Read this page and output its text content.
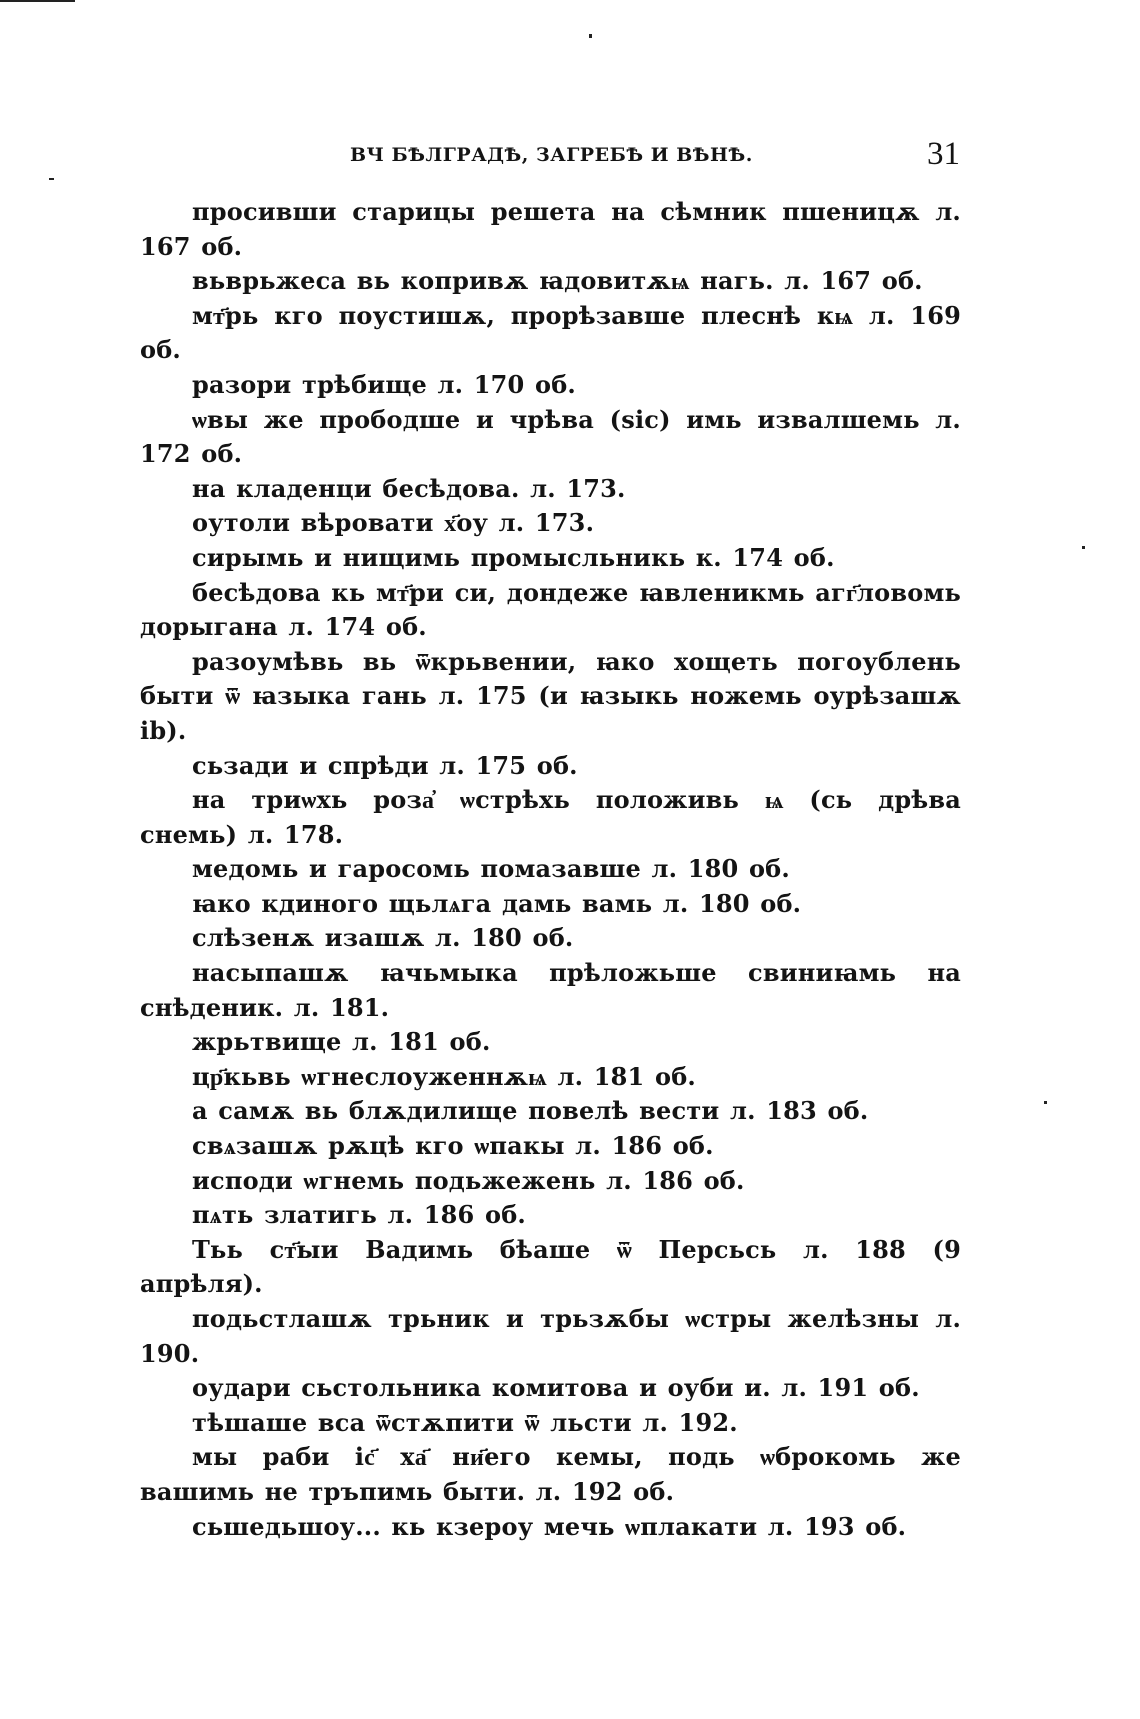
ВЧ БѢЛГРАДѢ, ЗАГРЕБѢ И ВѢНѢ.	31

просивши старицы решета на сѣмник пшеницѫ л. 167 об.

вьврьжеса вь копривѫ ꙗдовитѫѩ нагь. л. 167 об.

мт҃рь кго поустишѫ, прорѣзавше плеснѣ кѩ л. 169 об.

разори трѣбище л. 170 об.

ѡвы же прободше и чрѣва (sic) имь извалшемь л. 172 об.

на кладенци бесѣдова. л. 173.

оутоли вѣровати х҃оу л. 173.

сирымь и нищимь промысльникь к. 174 об.

бесѣдова кь мт҃ри си, дондеже ꙗвленикмь агг҃ловомь дорыгана л. 174 об.

разоумѣвь вь ѿкрьвении, ꙗко хощеть погоублень быти ѿ ꙗзыка гань л. 175 (и ꙗзыкь ножемь оурѣзашѫ ib).

сьзади и спрѣди л. 175 об.

на триѡхь роза҆ ѡстрѣхь положивь ѩ (сь дрѣва снемь) л. 178.

медомь и гаросомь помазавше л. 180 об.

ꙗко кдиного щьлѧга дамь вамь л. 180 об.

слѣзенѫ изашѫ л. 180 об.

насыпашѫ ꙗчьмыка прѣложьше свиниꙗмь на снѣденик. л. 181.

жрьтвище л. 181 об.

цр҃кьвь ѡгнеслоуженнѫѩ л. 181 об.

а самѫ вь блѫдилище повелѣ вести л. 183 об.

свѧзашѫ рѫцѣ кго ѡпакы л. 186 об.

исподи ѡгнемь подьжежень л. 186 об.

пѧть златигь л. 186 об.

Тьь ст҃ыи Вадимь бѣаше ѿ Персьсь л. 188 (9 апрѣля).

подьстлашѫ трьник и трьзѫбы ѡстры желѣзны л. 190.

оудари сьстольника комитова и оуби и. л. 191 об.

тѣшаше вса ѿстѫпити ѿ льсти л. 192.

мы раби іс҃ ха҃ ни҃его кемы, подь ѡброкомь же вашимь не тръпимь быти. л. 192 об.

сьшедьшоу... кь кзероу мечь ѡплакати л. 193 об.
